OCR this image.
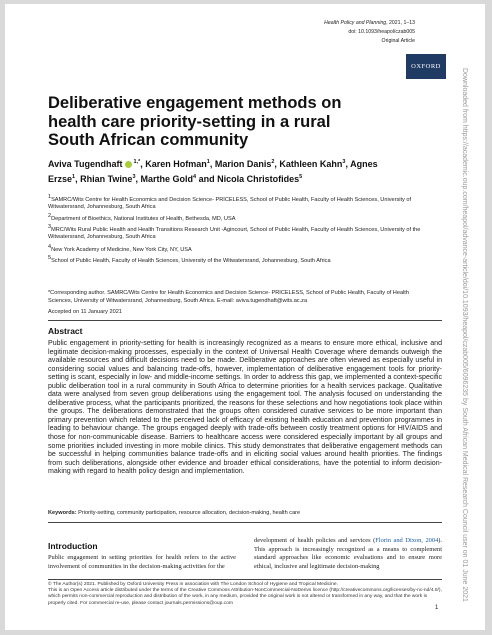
Downloaded from https://academic.oup.com/heapol/advance-article/doi/10.1093/heapol/czab005/6096235 by South African Medical Research Council user on 01 June 2021
Health Policy and Planning, 2021, 1–13
doi: 10.1093/heapol/czab005
Original Article
OXFORD
Deliberative engagement methods on health care priority-setting in a rural South African community
Aviva Tugendhaft $^{1,*}$, Karen Hofman$^1$, Marion Danis$^2$, Kathleen Kahn$^3$, Agnes Erzse$^1$, Rhian Twine$^3$, Marthe Gold$^4$ and Nicola Christofides$^5$
1SAMRC/Wits Centre for Health Economics and Decision Science- PRICELESS, School of Public Health, Faculty of Health Sciences, University of Witwatersrand, Johannesburg, South Africa
2Department of Bioethics, National Institutes of Health, Bethesda, MD, USA
3MRC/Wits Rural Public Health and Health Transitions Research Unit -Agincourt, School of Public Health, Faculty of Health Sciences, University of the Witwatersrand, Johannesburg, South Africa
4New York Academy of Medicine, New York City, NY, USA
5School of Public Health, Faculty of Health Sciences, University of the Witwatersrand, Johannesburg, South Africa
*Corresponding author. SAMRC/Wits Centre for Health Economics and Decision Science- PRICELESS, School of Public Health, Faculty of Health Sciences, University of Witwatersrand, Johannesburg, South Africa. E-mail: aviva.tugendhaft@wits.ac.za
Accepted on 11 January 2021
Abstract
Public engagement in priority-setting for health is increasingly recognized as a means to ensure more ethical, inclusive and legitimate decision-making processes, especially in the context of Universal Health Coverage where demands outweigh the available resources and difficult decisions need to be made. Deliberative approaches are often viewed as especially useful in considering social values and balancing trade-offs, however, implementation of deliberative engagement tools for priority-setting is scant, especially in low- and middle-income settings. In order to address this gap, we implemented a context-specific public deliberation tool in a rural community in South Africa to determine priorities for a health services package. Qualitative data were analysed from seven group deliberations using the engagement tool. The analysis focused on understanding the deliberative process, what the participants prioritized, the reasons for these selections and how negotiations took place within the groups. The deliberations demonstrated that the groups often considered curative services to be more important than primary prevention which related to the perceived lack of efficacy of existing health education and prevention programmes in leading to behaviour change. The groups engaged deeply with trade-offs between costly treatment options for HIV/AIDS and those for non-communicable disease. Barriers to healthcare access were considered especially important by all groups and some priorities included investing in more mobile clinics. This study demonstrates that deliberative engagement methods can be successful in helping communities balance trade-offs and in eliciting social values around health priorities. The findings from such deliberations, alongside other evidence and broader ethical considerations, have the potential to inform decision-making with regard to health policy design and implementation.
Keywords: Priority-setting, community participation, resource allocation, decision-making, health care
Introduction
Public engagement in setting priorities for health refers to the active involvement of communities in the decision-making activities for the
development of health policies and services (Florin and Dixon, 2004). This approach is increasingly recognized as a means to complement standard approaches like economic evaluations and to ensure more ethical, inclusive and legitimate decision-making
© The Author(s) 2021. Published by Oxford University Press in association with The London School of Hygiene and Tropical Medicine.
This is an Open Access article distributed under the terms of the Creative Commons Attribution-NonCommercial-NoDerivs licence (http://creativecommons.org/licenses/by-nc-nd/4.0/), which permits non-commercial reproduction and distribution of the work, in any medium, provided the original work is not altered or transformed in any way, and that the work is properly cited. For commercial re-use, please contact journals.permissions@oup.com
1
